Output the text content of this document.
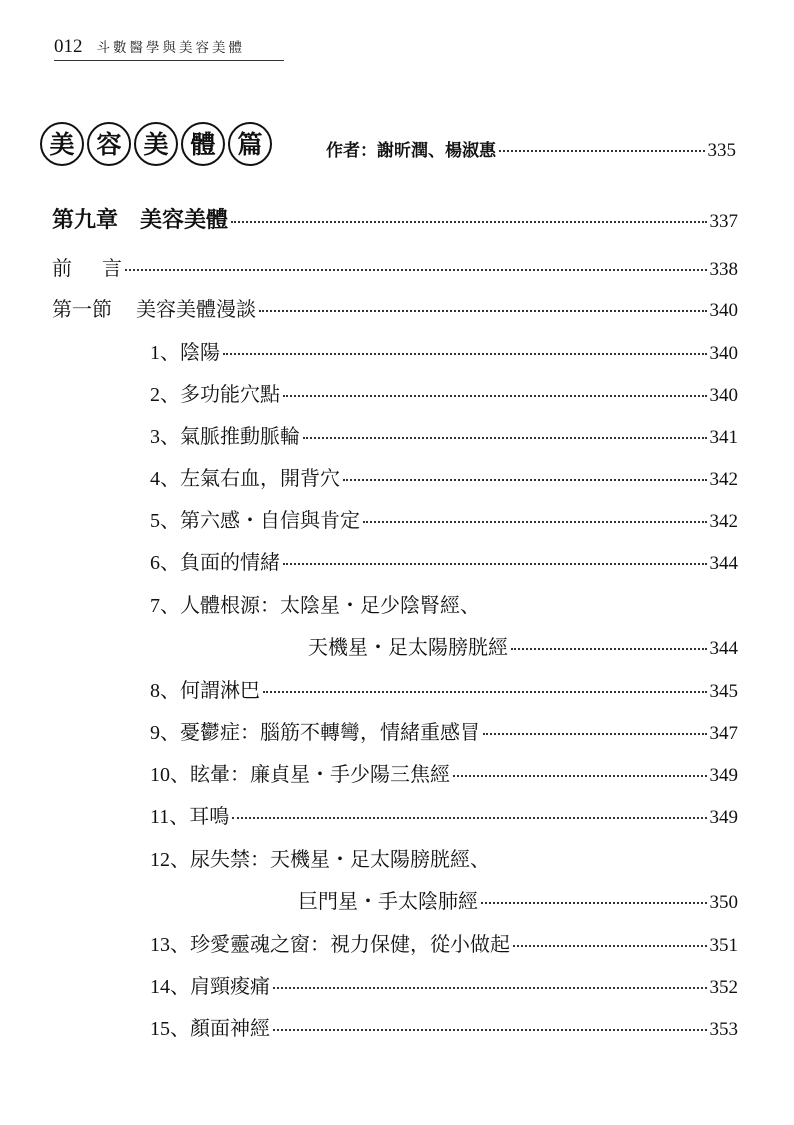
012 斗數醫學與美容美體
美 容 美 體 篇	作者：謝昕潤、楊淑惠	335
第九章 美容美體	337
前 言	338
第一節 美容美體漫談	340
1 、 陰陽	340
2 、 多功能穴點	340
3 、 氣脈推動脈輪	341
4 、 左氣右血，開背穴	342
5 、 第六感・自信與肯定	342
6 、 負面的情緒	344
7 、 人體根源：太陰星・足少陰腎經、
天機星・足太陽膀胱經	344
8 、 何謂淋巴	345
9 、 憂鬱症：腦筋不轉彎，情緒重感冒	347
10 、 眩暈：廉貞星・手少陽三焦經	349
11 、 耳鳴	349
12 、 尿失禁：天機星・足太陽膀胱經、
巨門星・手太陰肺經	350
13 、 珍愛靈魂之窗：視力保健，從小做起	351
14 、 肩頸痠痛	352
15 、 顏面神經	353
